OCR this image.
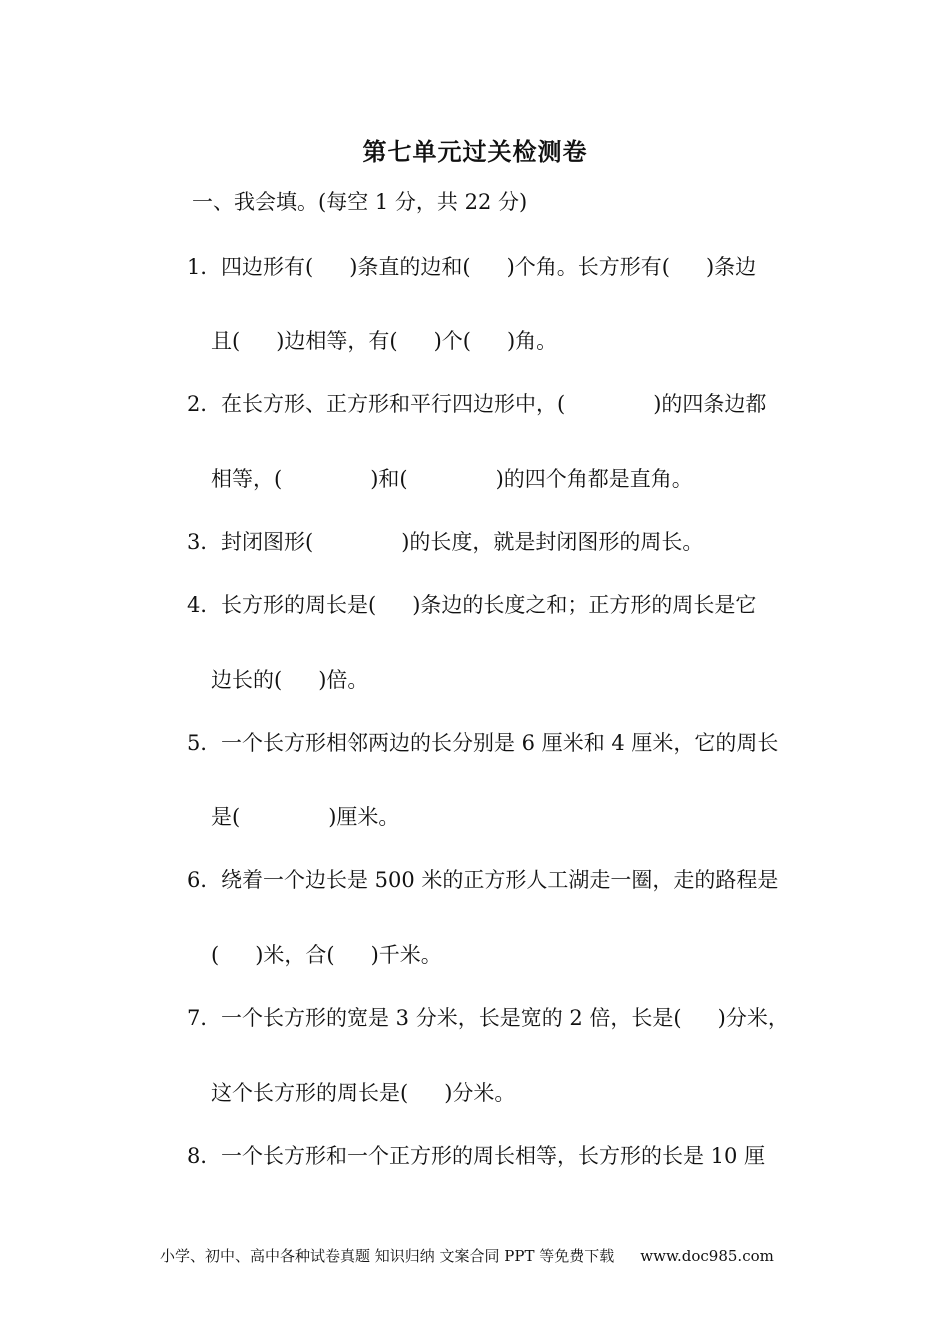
第七单元过关检测卷
一、我会填。(每空 1 分，共 22 分)
1．四边形有( )条直的边和( )个角。长方形有( )条边
且( )边相等，有( )个( )角。
2．在长方形、正方形和平行四边形中，(	)的四条边都
相等，(	)和(	)的四个角都是直角。
3．封闭图形(	)的长度，就是封闭图形的周长。
4．长方形的周长是( )条边的长度之和；正方形的周长是它
边长的( )倍。
5．一个长方形相邻两边的长分别是 6 厘米和 4 厘米，它的周长
是(	)厘米。
6．绕着一个边长是 500 米的正方形人工湖走一圈，走的路程是
( )米，合( )千米。
7．一个长方形的宽是 3 分米，长是宽的 2 倍，长是( )分米，
这个长方形的周长是( )分米。
8．一个长方形和一个正方形的周长相等，长方形的长是 10 厘
小学、初中、高中各种试卷真题 知识归纳 文案合同 PPT 等免费下载 www.doc985.com
